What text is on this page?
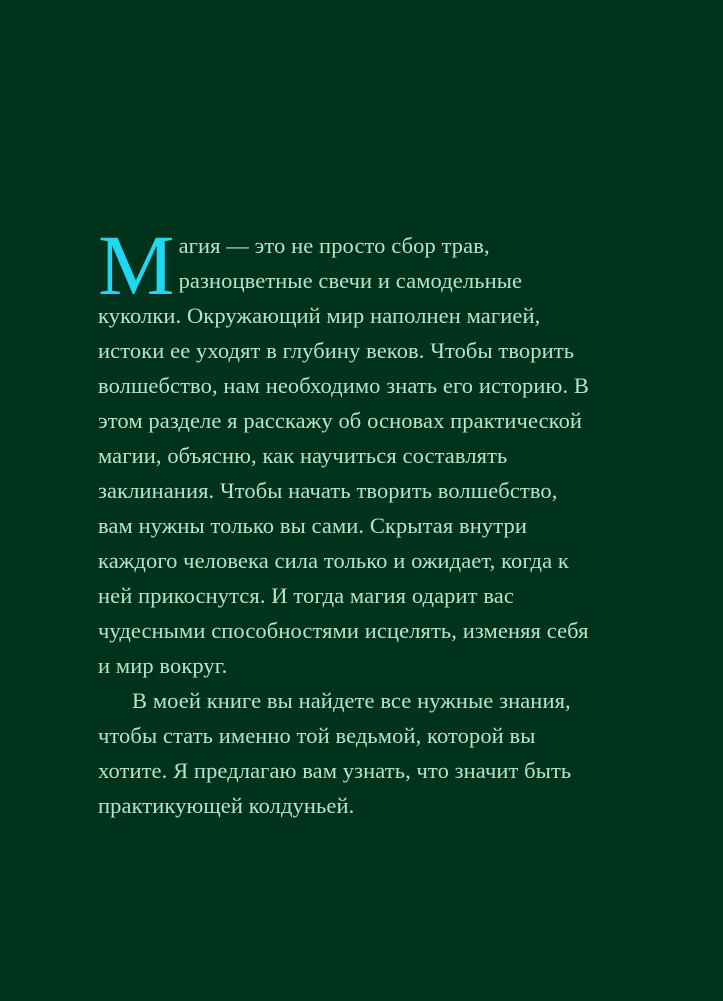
Магия — это не просто сбор трав, разноцветные свечи и самодельные куколки. Окружающий мир наполнен магией, истоки ее уходят в глубину веков. Чтобы творить волшебство, нам необходимо знать его историю. В этом разделе я расскажу об основах практической магии, объясню, как научиться составлять заклинания. Чтобы начать творить волшебство, вам нужны только вы сами. Скрытая внутри каждого человека сила только и ожидает, когда к ней прикоснутся. И тогда магия одарит вас чудесными способностями исцелять, изменяя себя и мир вокруг.

В моей книге вы найдете все нужные знания, чтобы стать именно той ведьмой, которой вы хотите. Я предлагаю вам узнать, что значит быть практикующей колдуньей.
